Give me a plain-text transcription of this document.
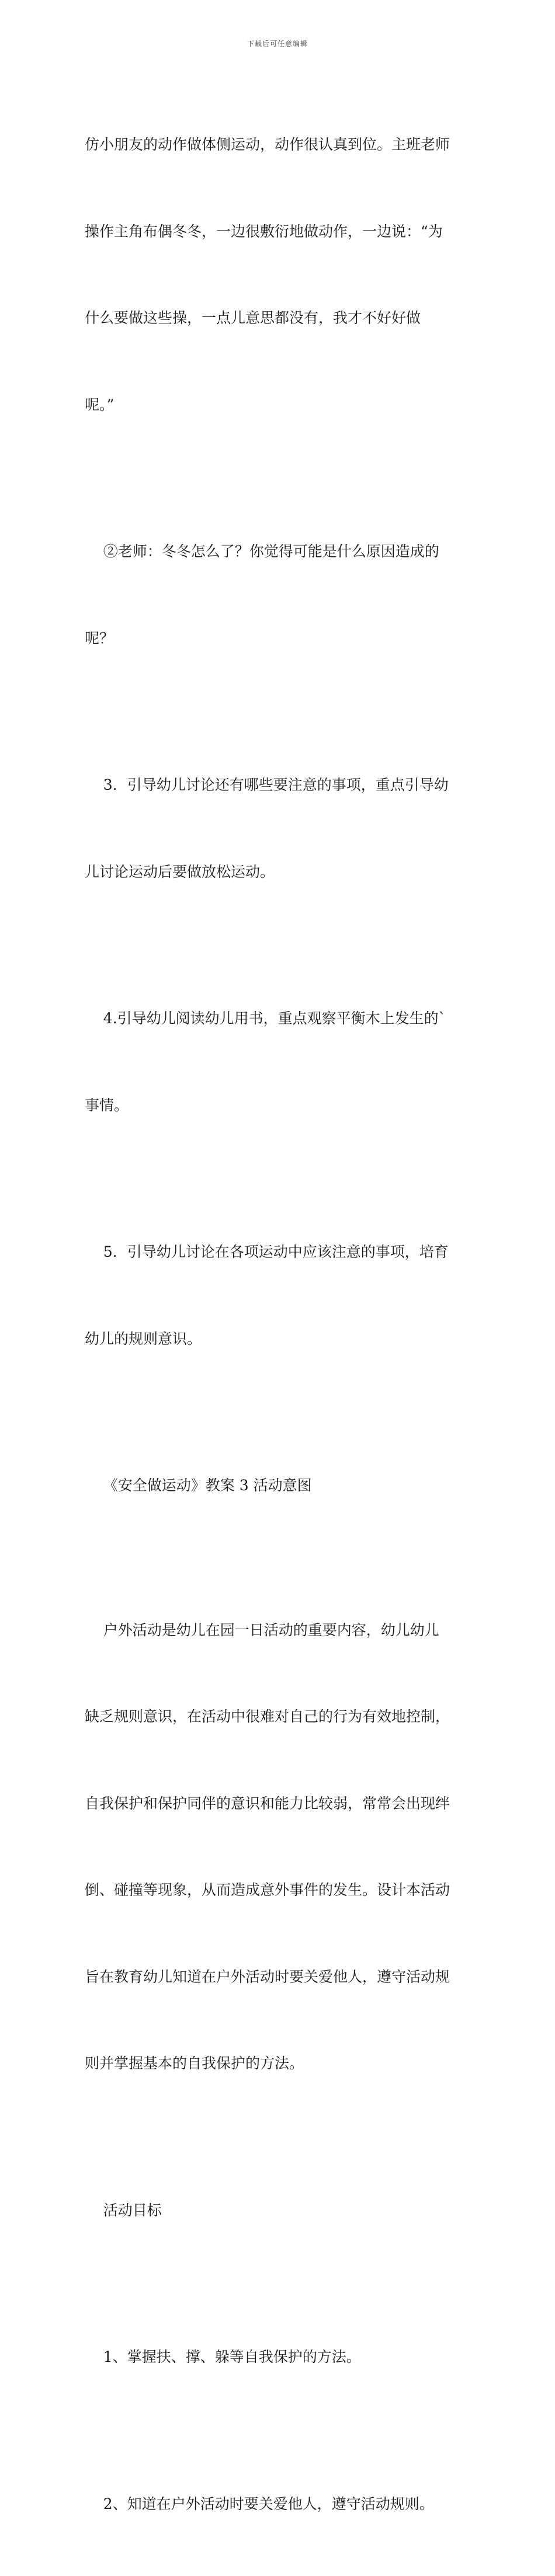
下载后可任意编辑

仿小朋友的动作做体侧运动，动作很认真到位。主班老师

操作主角布偶冬冬，一边很敷衍地做动作，一边说：“为

什么要做这些操，一点儿意思都没有，我才不好好做

呢。”

②老师：冬冬怎么了？你觉得可能是什么原因造成的

呢？

3．引导幼儿讨论还有哪些要注意的事项，重点引导幼

儿讨论运动后要做放松运动。

4.引导幼儿阅读幼儿用书，重点观察平衡木上发生的`

事情。

5．引导幼儿讨论在各项运动中应该注意的事项，培育

幼儿的规则意识。

《安全做运动》教案 3 活动意图

户外活动是幼儿在园一日活动的重要内容，幼儿幼儿

缺乏规则意识，在活动中很难对自己的行为有效地控制，

自我保护和保护同伴的意识和能力比较弱，常常会出现绊

倒、碰撞等现象，从而造成意外事件的发生。设计本活动

旨在教育幼儿知道在户外活动时要关爱他人，遵守活动规

则并掌握基本的自我保护的方法。

活动目标

1、掌握扶、撑、躲等自我保护的方法。

2、知道在户外活动时要关爱他人，遵守活动规则。
